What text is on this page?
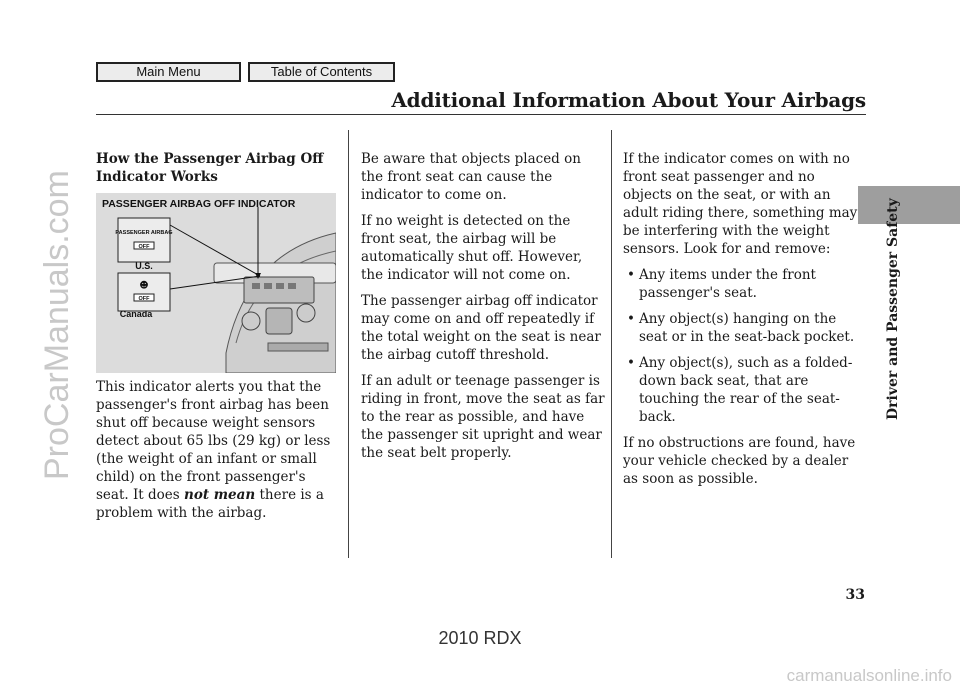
Main Menu	Table of Contents
Additional Information About Your Airbags
Driver and Passenger Safety
ProCarManuals.com

How the Passenger Airbag Off Indicator Works

PASSENGER AIRBAG OFF INDICATOR
PASSENGER AIRBAG
OFF
U.S.
☻
OFF
Canada

This indicator alerts you that the passenger's front airbag has been shut off because weight sensors detect about 65 lbs (29 kg) or less (the weight of an infant or small child) on the front passenger's seat. It does not mean there is a problem with the airbag.

Be aware that objects placed on the front seat can cause the indicator to come on.

If no weight is detected on the front seat, the airbag will be automatically shut off. However, the indicator will not come on.

The passenger airbag off indicator may come on and off repeatedly if the total weight on the seat is near the airbag cutoff threshold.

If an adult or teenage passenger is riding in front, move the seat as far to the rear as possible, and have the passenger sit upright and wear the seat belt properly.

If the indicator comes on with no front seat passenger and no objects on the seat, or with an adult riding there, something may be interfering with the weight sensors. Look for and remove:

• Any items under the front passenger's seat.
• Any object(s) hanging on the seat or in the seat-back pocket.
• Any object(s), such as a folded-down back seat, that are touching the rear of the seat-back.

If no obstructions are found, have your vehicle checked by a dealer as soon as possible.

33
2010 RDX
carmanualsonline.info
